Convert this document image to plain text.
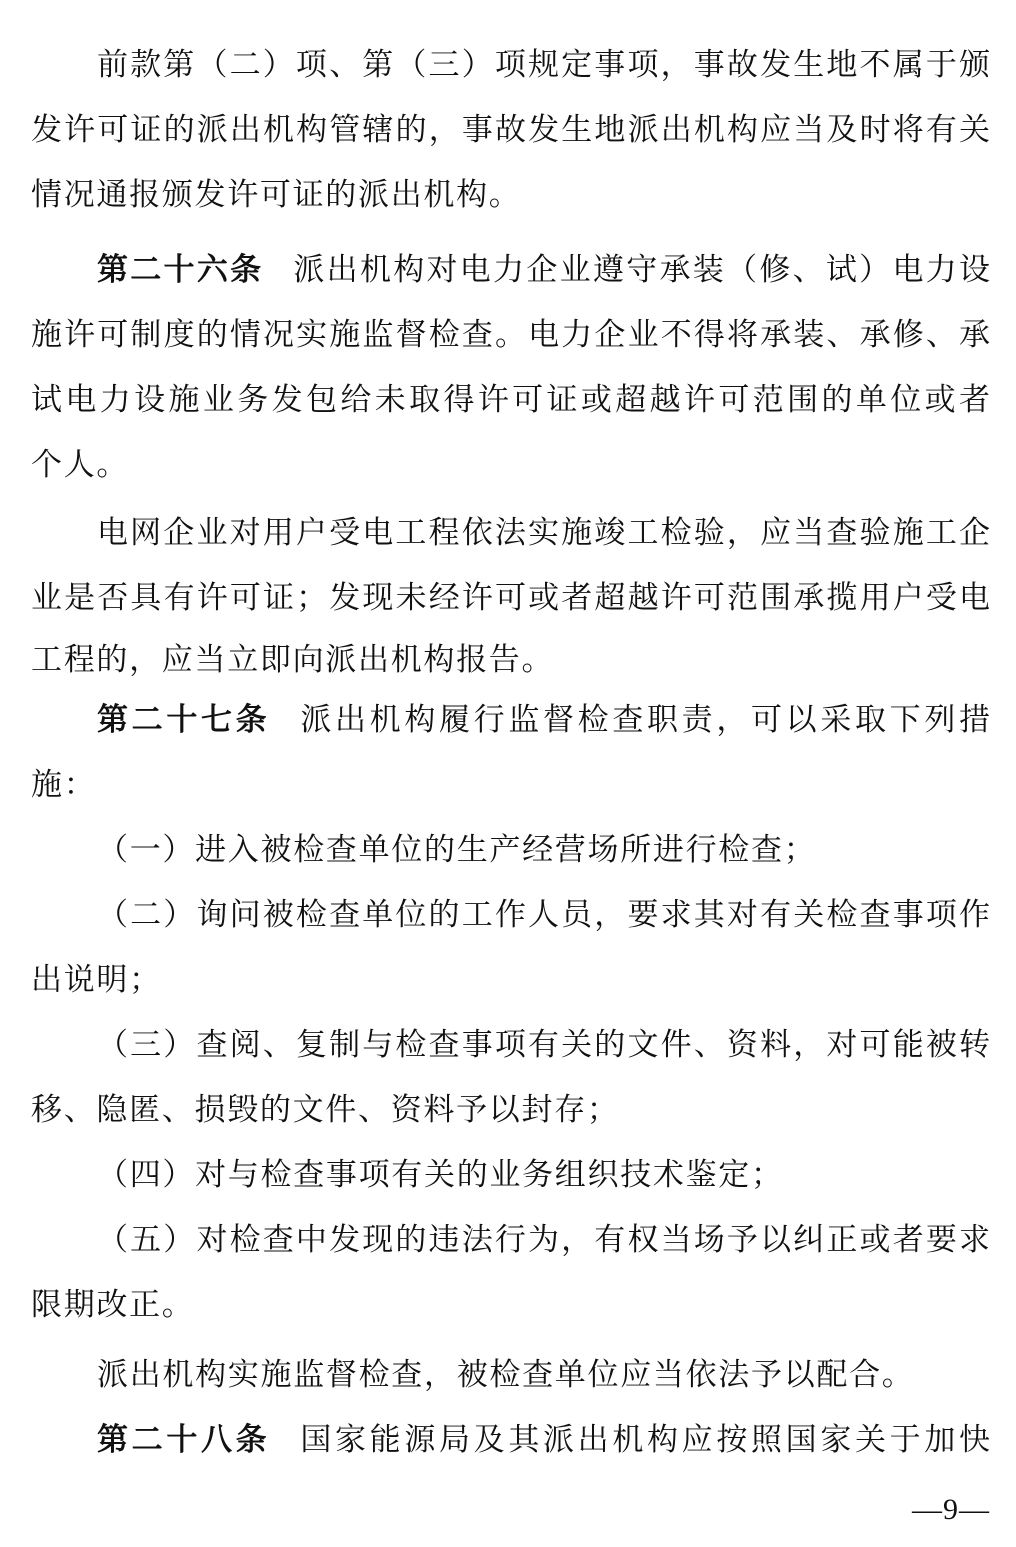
前款第（二）项、第（三）项规定事项，事故发生地不属于颁
发许可证的派出机构管辖的，事故发生地派出机构应当及时将有关
情况通报颁发许可证的派出机构。
第二十六条 派出机构对电力企业遵守承装（修、试）电力设
施许可制度的情况实施监督检查。电力企业不得将承装、承修、承
试电力设施业务发包给未取得许可证或超越许可范围的单位或者
个人。
电网企业对用户受电工程依法实施竣工检验，应当查验施工企
业是否具有许可证；发现未经许可或者超越许可范围承揽用户受电
工程的，应当立即向派出机构报告。
第二十七条 派出机构履行监督检查职责，可以采取下列措
施：
（一）进入被检查单位的生产经营场所进行检查；
（二）询问被检查单位的工作人员，要求其对有关检查事项作
出说明；
（三）查阅、复制与检查事项有关的文件、资料，对可能被转
移、隐匿、损毁的文件、资料予以封存；
（四）对与检查事项有关的业务组织技术鉴定；
（五）对检查中发现的违法行为，有权当场予以纠正或者要求
限期改正。
派出机构实施监督检查，被检查单位应当依法予以配合。
第二十八条 国家能源局及其派出机构应按照国家关于加快
—9—
